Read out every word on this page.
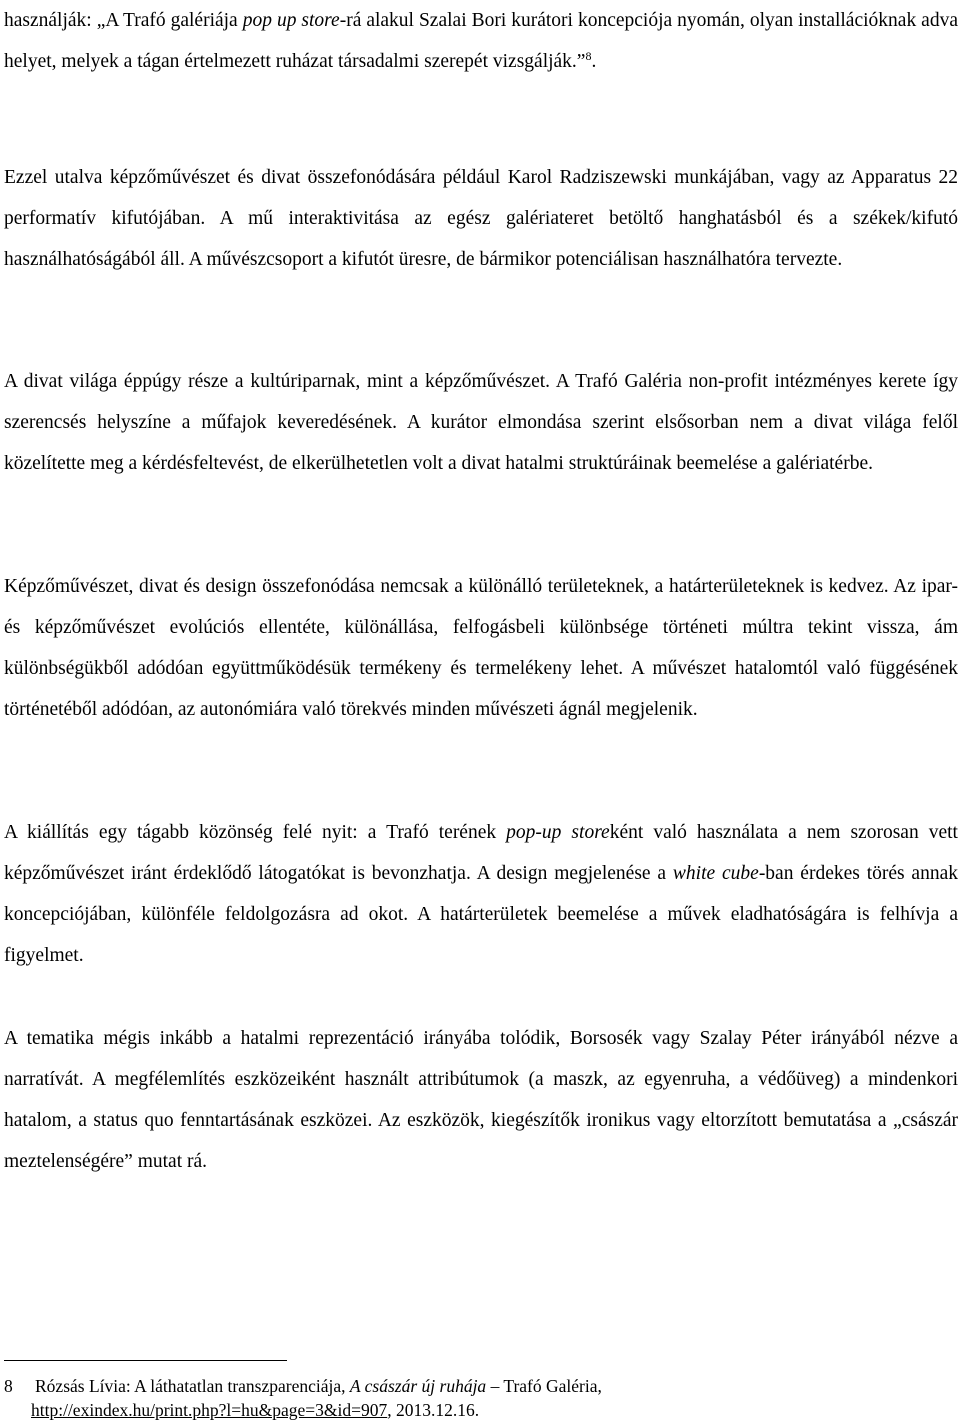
használják: „A Trafó galériája pop up store-rá alakul Szalai Bori kurátori koncepciója nyomán, olyan installációknak adva helyet, melyek a tágan értelmezett ruházat társadalmi szerepét vizsgálják.”$^8$.

Ezzel utalva képzőművészet és divat összefonódására például Karol Radziszewski munkájában, vagy az Apparatus 22 performatív kifutójában. A mű interaktivitása az egész galériateret betöltő hanghatásból és a székek/kifutó használhatóságából áll. A művészcsoport a kifutót üresre, de bármikor potenciálisan használhatóra tervezte.

A divat világa éppúgy része a kultúriparnak, mint a képzőművészet. A Trafó Galéria non-profit intézményes kerete így szerencsés helyszíne a műfajok keveredésének. A kurátor elmondása szerint elsősorban nem a divat világa felől közelítette meg a kérdésfeltevést, de elkerülhetetlen volt a divat hatalmi struktúráinak beemelése a galériatérbe.

Képzőművészet, divat és design összefonódása nemcsak a különálló területeknek, a határterületeknek is kedvez. Az ipar- és képzőművészet evolúciós ellentéte, különállása, felfogásbeli különbsége történeti múltra tekint vissza, ám különbségükből adódóan együttműködésük termékeny és termelékeny lehet. A művészet hatalomtól való függésének történetéből adódóan, az autonómiára való törekvés minden művészeti ágnál megjelenik.

A kiállítás egy tágabb közönség felé nyit: a Trafó terének pop-up storeként való használata a nem szorosan vett képzőművészet iránt érdeklődő látogatókat is bevonzhatja. A design megjelenése a white cube-ban érdekes törés annak koncepciójában, különféle feldolgozásra ad okot. A határterületek beemelése a művek eladhatóságára is felhívja a figyelmet.

A tematika mégis inkább a hatalmi reprezentáció irányába tolódik, Borsosék vagy Szalay Péter irányából nézve a narratívát. A megfélemlítés eszközeiként használt attribútumok (a maszk, az egyenruha, a védőüveg) a mindenkori hatalom, a status quo fenntartásának eszközei. Az eszközök, kiegészítők ironikus vagy eltorzított bemutatása a „császár meztelenségére” mutat rá.

8 Rózsás Lívia: A láthatatlan transzparenciája, A császár új ruhája – Trafó Galéria,
http://exindex.hu/print.php?l=hu&page=3&id=907, 2013.12.16.
